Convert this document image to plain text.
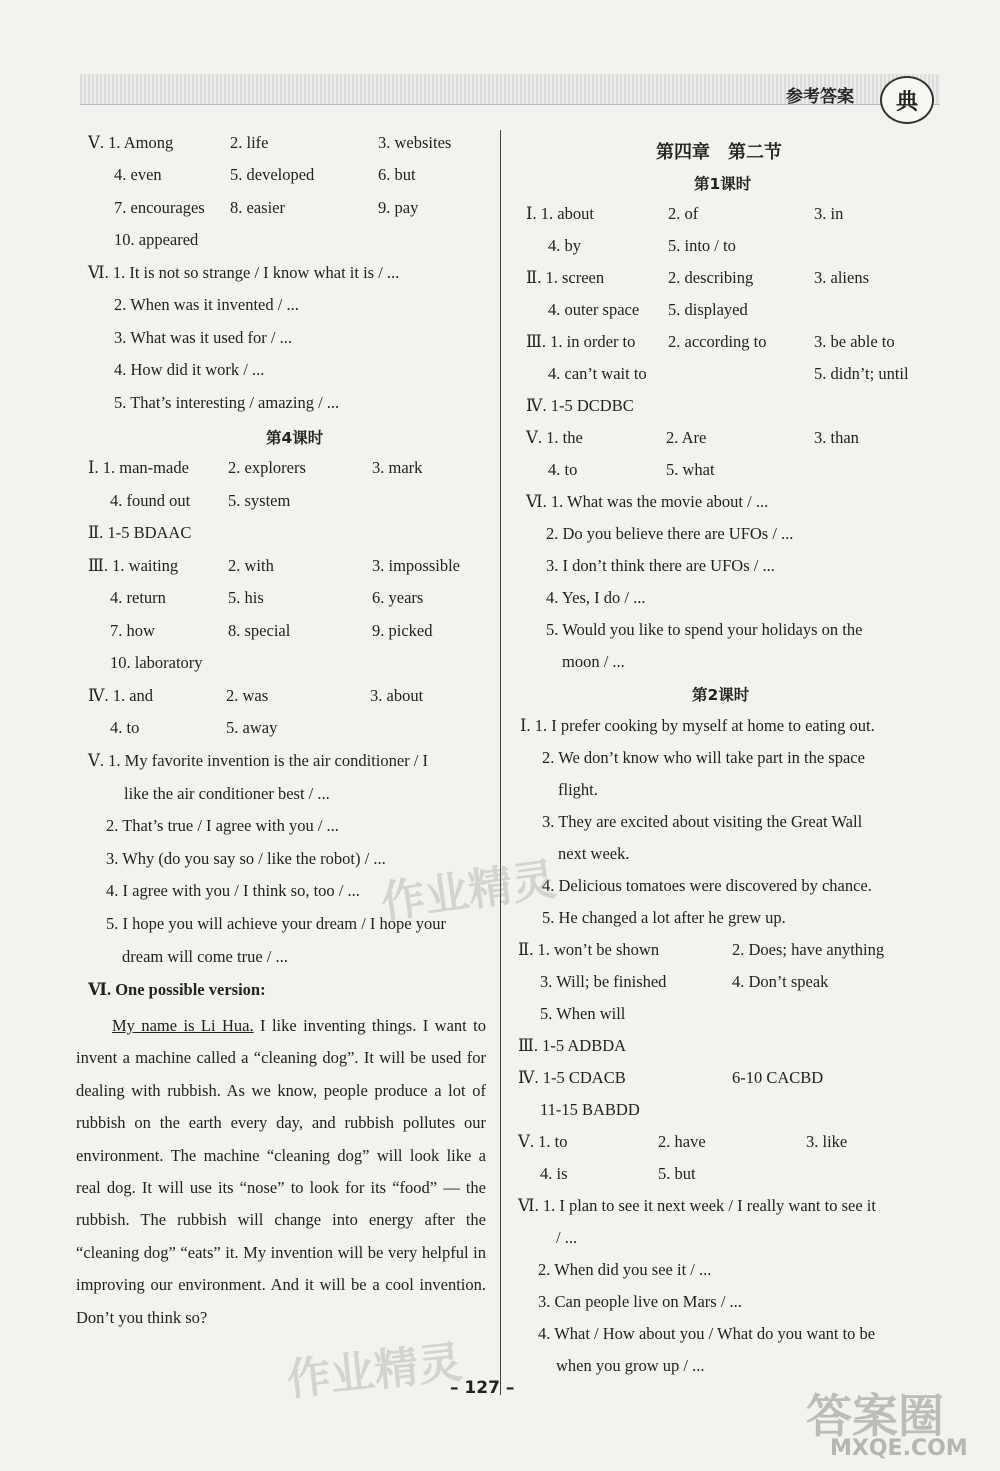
参考答案 典
Ⅴ. 1. Among	2. life	3. websites
4. even	5. developed	6. but
7. encourages 8. easier	9. pay
10. appeared
Ⅵ. 1. It is not so strange / I know what it is / ...
2. When was it invented / ...
3. What was it used for / ...
4. How did it work / ...
5. That’s interesting / amazing / ...
Ⅰ. 1. man-made 2. explorers	3. mark
4. found out 5. system
Ⅱ. 1-5 BDAAC
Ⅲ. 1. waiting	2. with	3. impossible
4. return	5. his	6. years
7. how	8. special	9. picked
10. laboratory
Ⅳ. 1. and	2. was	3. about
4. to	5. away
Ⅴ. 1. My favorite invention is the air conditioner / I
like the air conditioner best / ...
2. That’s true / I agree with you / ...
3. Why (do you say so / like the robot) / ...
4. I agree with you / I think so, too / ...
5. I hope you will achieve your dream / I hope your
dream will come true / ...
第4课时
Ⅵ. One possible version:
My name is Li Hua. I like inventing things. I want to invent a machine called a “cleaning dog”. It will be used for dealing with rubbish. As we know, people produce a lot of rubbish on the earth every day, and rubbish pollutes our environment. The machine “cleaning dog” will look like a real dog. It will use its “nose” to look for its “food” — the rubbish. The rubbish will change into energy after the “cleaning dog” “eats” it. My invention will be very helpful in improving our environment. And it will be a cool invention. Don’t you think so?
第四章　第二节
第1课时
第2课时
Ⅰ. 1. about	2. of	3. in
4. by	5. into / to
Ⅱ. 1. screen	2. describing	3. aliens
4. outer space 5. displayed
Ⅲ. 1. in order to 2. according to	3. be able to
4. can’t wait to	5. didn’t; until
Ⅳ. 1-5 DCDBC
Ⅴ. 1. the	2. Are	3. than
4. to	5. what
Ⅵ. 1. What was the movie about / ...
2. Do you believe there are UFOs / ...
3. I don’t think there are UFOs / ...
4. Yes, I do / ...
5. Would you like to spend your holidays on the
moon / ...
Ⅰ. 1. I prefer cooking by myself at home to eating out.
2. We don’t know who will take part in the space
flight.
3. They are excited about visiting the Great Wall
next week.
4. Delicious tomatoes were discovered by chance.
5. He changed a lot after he grew up.
Ⅱ. 1. won’t be shown	2. Does; have anything
3. Will; be finished	4. Don’t speak
5. When will
Ⅲ. 1-5 ADBDA
Ⅳ. 1-5 CDACB	6-10 CACBD
11-15 BABDD
Ⅴ. 1. to	2. have	3. like
4. is	5. but
Ⅵ. 1. I plan to see it next week / I really want to see it
/ ...
2. When did you see it / ...
3. Can people live on Mars / ...
4. What / How about you / What do you want to be
when you grow up / ...
– 127 –
作业精灵
作业精灵
答案圈
MXQE.COM
